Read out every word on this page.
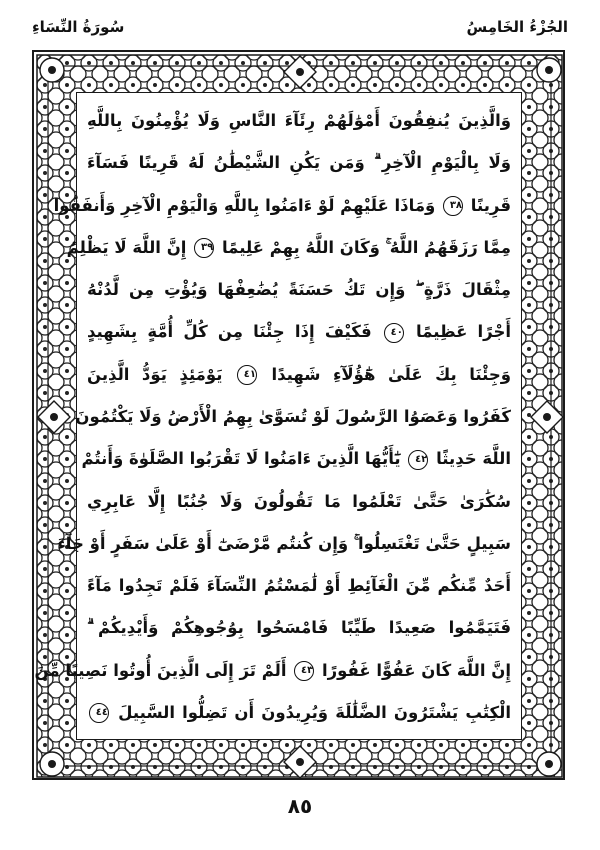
الجُزْءُ الخَامِسُ
سُورَةُ النِّسَاءِ
وَالَّذِينَ يُنفِقُونَ أَمْوَٰلَهُمْ رِئَآءَ النَّاسِ وَلَا يُؤْمِنُونَ بِاللَّهِ
وَلَا بِالْيَوْمِ الْآخِرِ ۗ وَمَن يَكُنِ الشَّيْطَٰنُ لَهُ قَرِينًا فَسَآءَ
قَرِينًا ٣٨ وَمَاذَا عَلَيْهِمْ لَوْ ءَامَنُوا بِاللَّهِ وَالْيَوْمِ الْآخِرِ وَأَنفَقُوا
مِمَّا رَزَقَهُمُ اللَّهُ ۚ وَكَانَ اللَّهُ بِهِمْ عَلِيمًا ٣٩ إِنَّ اللَّهَ لَا يَظْلِمُ
مِثْقَالَ ذَرَّةٍ ۖ وَإِن تَكُ حَسَنَةً يُضَٰعِفْهَا وَيُؤْتِ مِن لَّدُنْهُ
أَجْرًا عَظِيمًا ٤٠ فَكَيْفَ إِذَا جِئْنَا مِن كُلِّ أُمَّةٍ بِشَهِيدٍ
وَجِئْنَا بِكَ عَلَىٰ هَٰٓؤُلَآءِ شَهِيدًا ٤١ يَوْمَئِذٍ يَوَدُّ الَّذِينَ
كَفَرُوا وَعَصَوُا الرَّسُولَ لَوْ تُسَوَّىٰ بِهِمُ الْأَرْضُ وَلَا يَكْتُمُونَ
اللَّهَ حَدِيثًا ٤٢ يَٰٓأَيُّهَا الَّذِينَ ءَامَنُوا لَا تَقْرَبُوا الصَّلَوٰةَ وَأَنتُمْ
سُكَٰرَىٰ حَتَّىٰ تَعْلَمُوا مَا تَقُولُونَ وَلَا جُنُبًا إِلَّا عَابِرِي
سَبِيلٍ حَتَّىٰ تَغْتَسِلُوا ۚ وَإِن كُنتُم مَّرْضَىٰٓ أَوْ عَلَىٰ سَفَرٍ أَوْ جَآءَ
أَحَدٌ مِّنكُم مِّنَ الْغَآئِطِ أَوْ لَٰمَسْتُمُ النِّسَآءَ فَلَمْ تَجِدُوا مَآءً
فَتَيَمَّمُوا صَعِيدًا طَيِّبًا فَامْسَحُوا بِوُجُوهِكُمْ وَأَيْدِيكُمْ ۗ
إِنَّ اللَّهَ كَانَ عَفُوًّا غَفُورًا ٤٣ أَلَمْ تَرَ إِلَى الَّذِينَ أُوتُوا نَصِيبًا مِّنَ
الْكِتَٰبِ يَشْتَرُونَ الضَّلَٰلَةَ وَيُرِيدُونَ أَن تَضِلُّوا السَّبِيلَ ٤٤
٨٥
